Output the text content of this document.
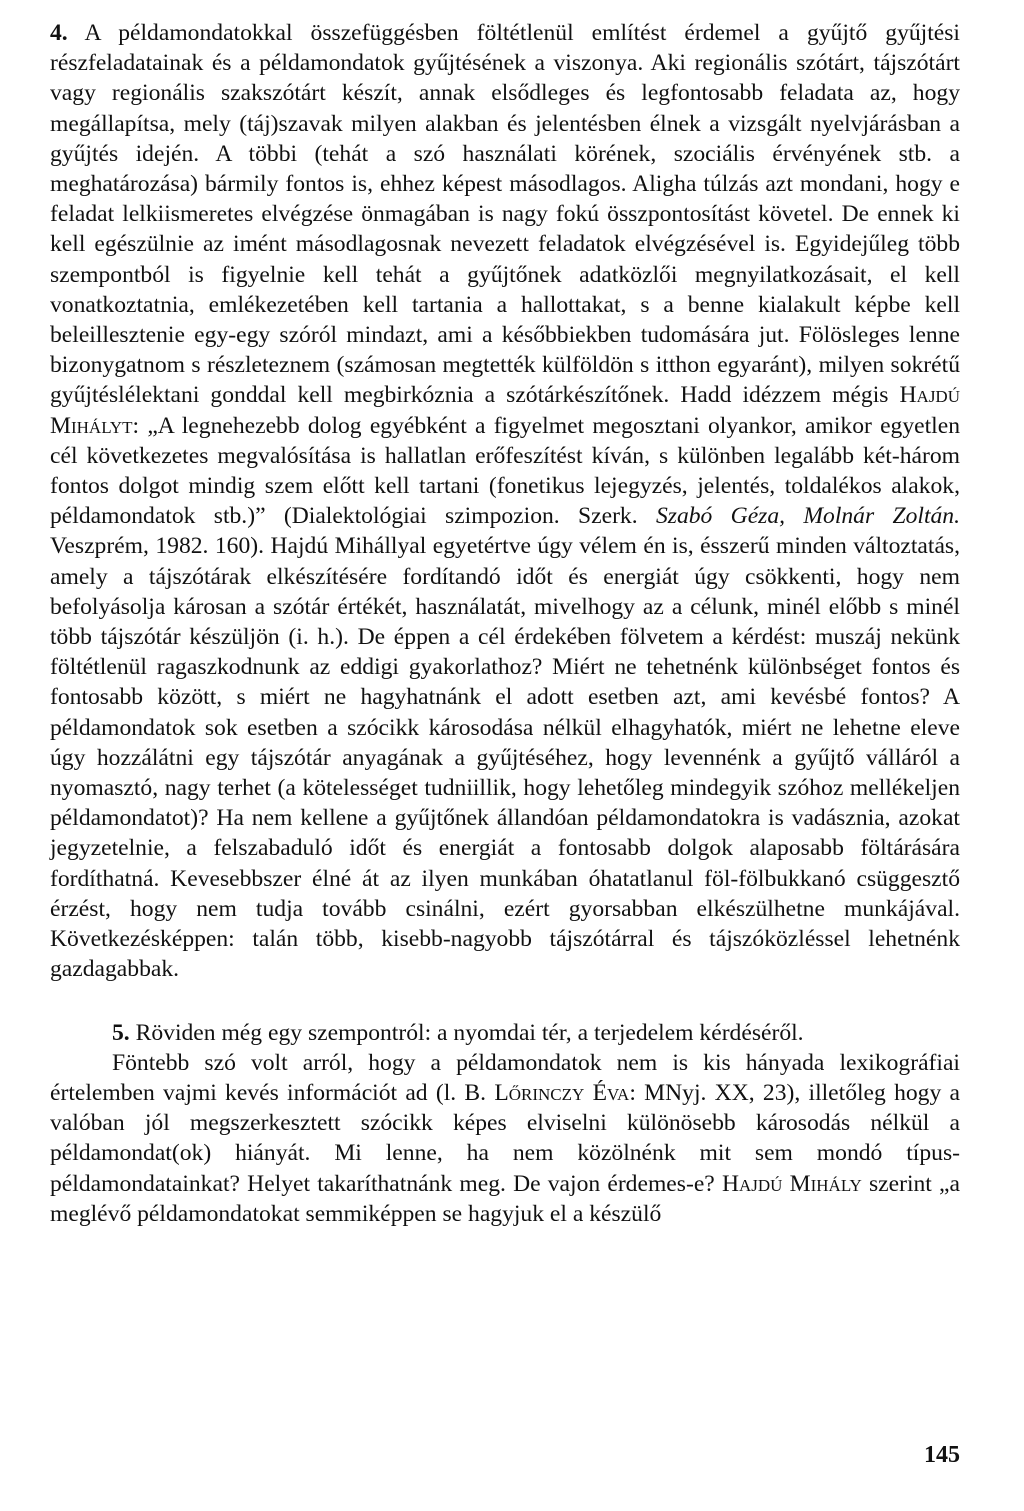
4. A példamondatokkal összefüggésben föltétlenül említést érdemel a gyűjtő gyűjtési részfeladatainak és a példamondatok gyűjtésének a viszonya. Aki regionális szótárt, tájszótárt vagy regionális szakszótárt készít, annak elsődleges és legfontosabb feladata az, hogy megállapítsa, mely (táj)szavak milyen alakban és jelentésben élnek a vizsgált nyelvjárásban a gyűjtés idején. A többi (tehát a szó használati körének, szociális érvényének stb. a meghatározása) bármily fontos is, ehhez képest másodlagos. Aligha túlzás azt mondani, hogy e feladat lelkiismeretes elvégzése önmagában is nagy fokú összpontosítást követel. De ennek ki kell egészülnie az imént másodlagosnak nevezett feladatok elvégzésével is. Egyidejűleg több szempontból is figyelnie kell tehát a gyűjtőnek adatközlői megnyilatkozásait, el kell vonatkoztatnia, emlékezetében kell tartania a hallottakat, s a benne kialakult képbe kell beleillesztenie egy-egy szóról mindazt, ami a későbbiekben tudomására jut. Fölösleges lenne bizonygatnom s részleteznem (számosan megtették külföldön s itthon egyaránt), milyen sokrétű gyűjtéslélektani gonddal kell megbirkóznia a szótárkészítőnek. Hadd idézzem mégis Hajdú Mihályt: „A legnehezebb dolog egyébként a figyelmet megosztani olyankor, amikor egyetlen cél következetes megvalósítása is hallatlan erőfeszítést kíván, s különben legalább két-három fontos dolgot mindig szem előtt kell tartani (fonetikus lejegyzés, jelentés, toldalékos alakok, példamondatok stb.)” (Dialektológiai szimpozion. Szerk. Szabó Géza, Molnár Zoltán. Veszprém, 1982. 160). Hajdú Mihállyal egyetértve úgy vélem én is, ésszerű minden változtatás, amely a tájszótárak elkészítésére fordítandó időt és energiát úgy csökkenti, hogy nem befolyásolja károsan a szótár értékét, használatát, mivelhogy az a célunk, minél előbb s minél több tájszótár készüljön (i. h.). De éppen a cél érdekében fölvetem a kérdést: muszáj nekünk föltétlenül ragaszkodnunk az eddigi gyakorlathoz? Miért ne tehetnénk különbséget fontos és fontosabb között, s miért ne hagyhatnánk el adott esetben azt, ami kevésbé fontos? A példamondatok sok esetben a szócikk károsodása nélkül elhagyhatók, miért ne lehetne eleve úgy hozzálátni egy tájszótár anyagának a gyűjtéséhez, hogy levennénk a gyűjtő válláról a nyomasztó, nagy terhet (a kötelességet tudniillik, hogy lehetőleg mindegyik szóhoz mellékeljen példamondatot)? Ha nem kellene a gyűjtőnek állandóan példamondatokra is vadásznia, azokat jegyzetelnie, a felszabaduló időt és energiát a fontosabb dolgok alaposabb föltárására fordíthatná. Kevesebbszer élné át az ilyen munkában óhatatlanul föl-fölbukkanó csüggesztő érzést, hogy nem tudja tovább csinálni, ezért gyorsabban elkészülhetne munkájával. Következésképpen: talán több, kisebb-nagyobb tájszótárral és tájszóközléssel lehetnénk gazdagabbak.

5. Röviden még egy szempontról: a nyomdai tér, a terjedelem kérdéséről.

Föntebb szó volt arról, hogy a példamondatok nem is kis hányada lexikográfiai értelemben vajmi kevés információt ad (l. B. Lőrinczy Éva: MNyj. XX, 23), illetőleg hogy a valóban jól megszerkesztett szócikk képes elviselni különösebb károsodás nélkül a példamondat(ok) hiányát. Mi lenne, ha nem közölnénk mit sem mondó típus-példamondatainkat? Helyet takaríthatnánk meg. De vajon érdemes-e? Hajdú Mihály szerint „a meglévő példamondatokat semmiképpen se hagyjuk el a készülő

145
